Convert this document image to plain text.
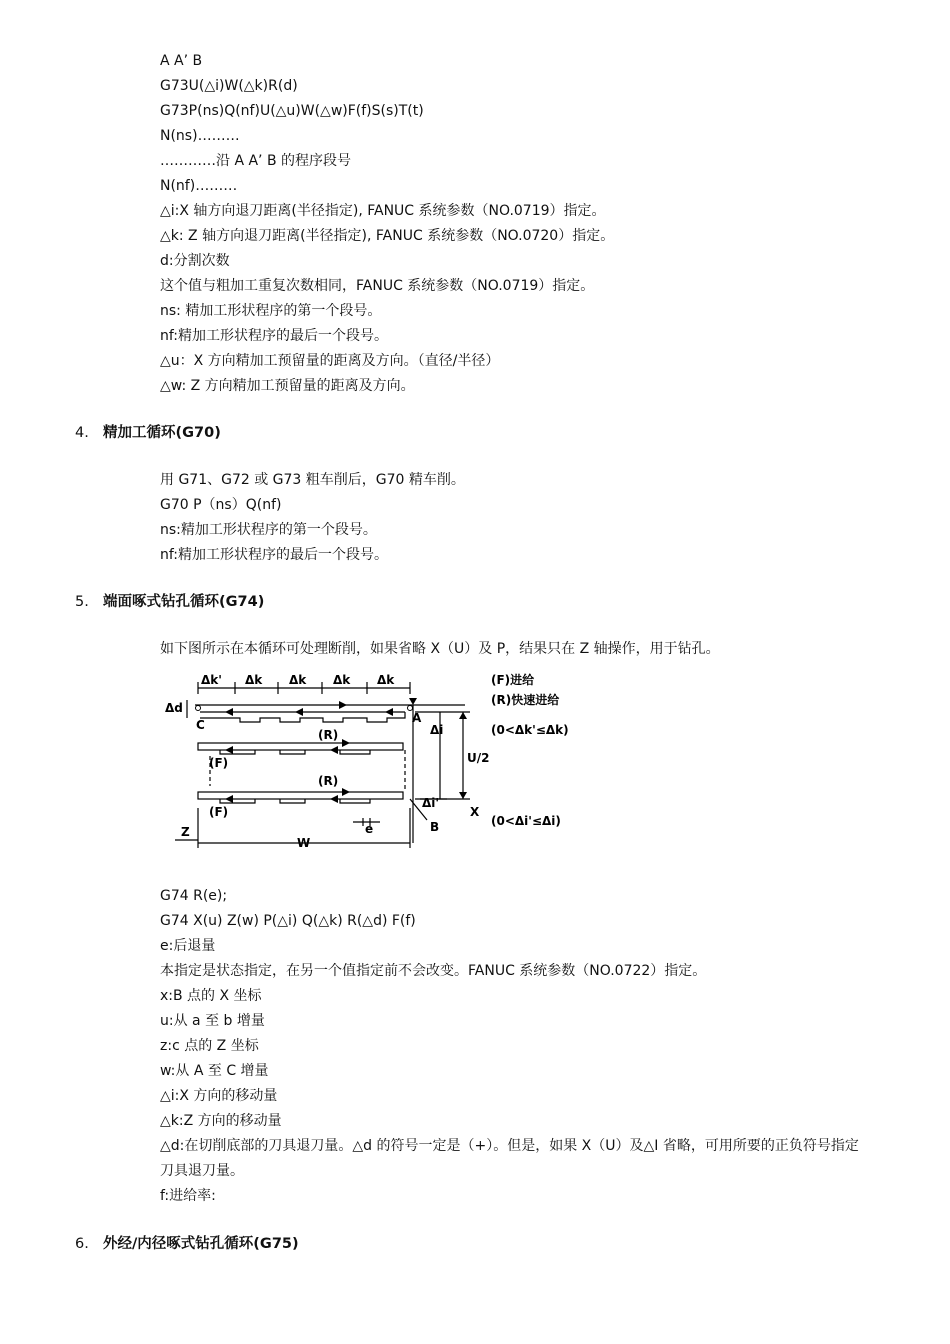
A A’ B
G73U(△i)W(△k)R(d)
G73P(ns)Q(nf)U(△u)W(△w)F(f)S(s)T(t)
N(ns)………
…………沿 A A’ B 的程序段号
N(nf)………
△i:X 轴方向退刀距离(半径指定), FANUC 系统参数（NO.0719）指定。
△k: Z 轴方向退刀距离(半径指定), FANUC 系统参数（NO.0720）指定。
d:分割次数
这个值与粗加工重复次数相同，FANUC 系统参数（NO.0719）指定。
ns: 精加工形状程序的第一个段号。
nf:精加工形状程序的最后一个段号。
△u：X 方向精加工预留量的距离及方向。（直径/半径）
△w: Z 方向精加工预留量的距离及方向。
4. 精加工循环(G70)
用 G71、G72 或 G73 粗车削后，G70 精车削。
G70 P（ns）Q(nf)
ns:精加工形状程序的第一个段号。
nf:精加工形状程序的最后一个段号。
5. 端面啄式钻孔循环(G74)
如下图所示在本循环可处理断削，如果省略 X（U）及 P，结果只在 Z 轴操作，用于钻孔。
Δk' Δk Δk Δk Δk
Δd
C	A
Δi
U/2
(R)
(F)
(R)
(F)
Δi'
X
B
e
Z
W
(F)进给
(R)快速进给
(0<Δk'≤Δk)
(0<Δi'≤Δi)
G74 R(e);
G74 X(u) Z(w) P(△i) Q(△k) R(△d) F(f)
e:后退量
本指定是状态指定，在另一个值指定前不会改变。FANUC 系统参数（NO.0722）指定。
x:B 点的 X 坐标
u:从 a 至 b 增量
z:c 点的 Z 坐标
w:从 A 至 C 增量
△i:X 方向的移动量
△k:Z 方向的移动量
△d:在切削底部的刀具退刀量。△d 的符号一定是（+）。但是，如果 X（U）及△I 省略，可用所要的正负符号指定刀具退刀量。
f:进给率:
6. 外经/内径啄式钻孔循环(G75)
